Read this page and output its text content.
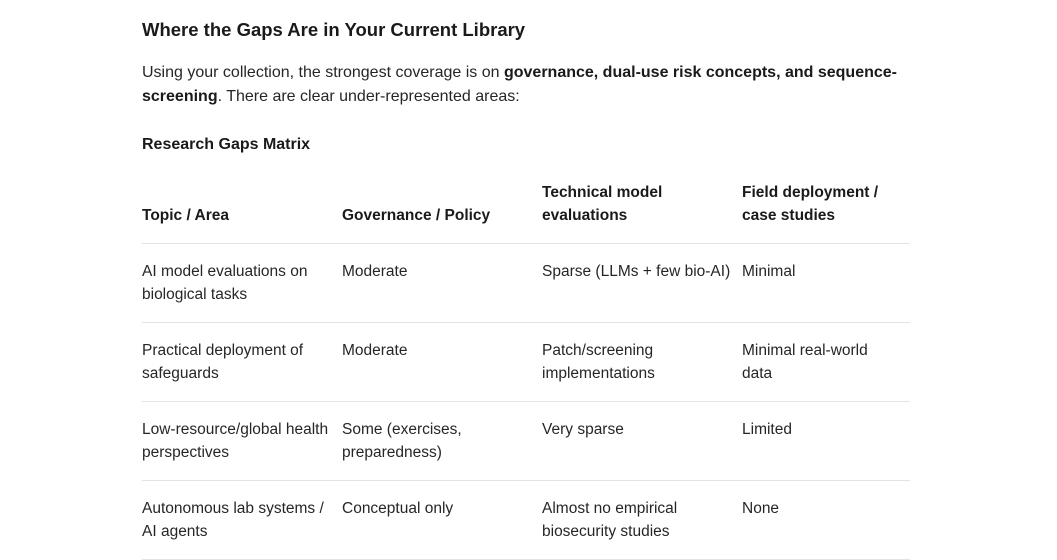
Where the Gaps Are in Your Current Library

Using your collection, the strongest coverage is on governance, dual-use risk concepts, and sequence-screening. There are clear under-represented areas:

Research Gaps Matrix

Topic / Area	Governance / Policy	Technical model evaluations	Field deployment / case studies
AI model evaluations on biological tasks	Moderate	Sparse (LLMs + few bio-AI)	Minimal
Practical deployment of safeguards	Moderate	Patch/screening implementations	Minimal real-world data
Low-resource/global health perspectives	Some (exercises, preparedness)	Very sparse	Limited
Autonomous lab systems / AI agents	Conceptual only	Almost no empirical biosecurity studies	None
